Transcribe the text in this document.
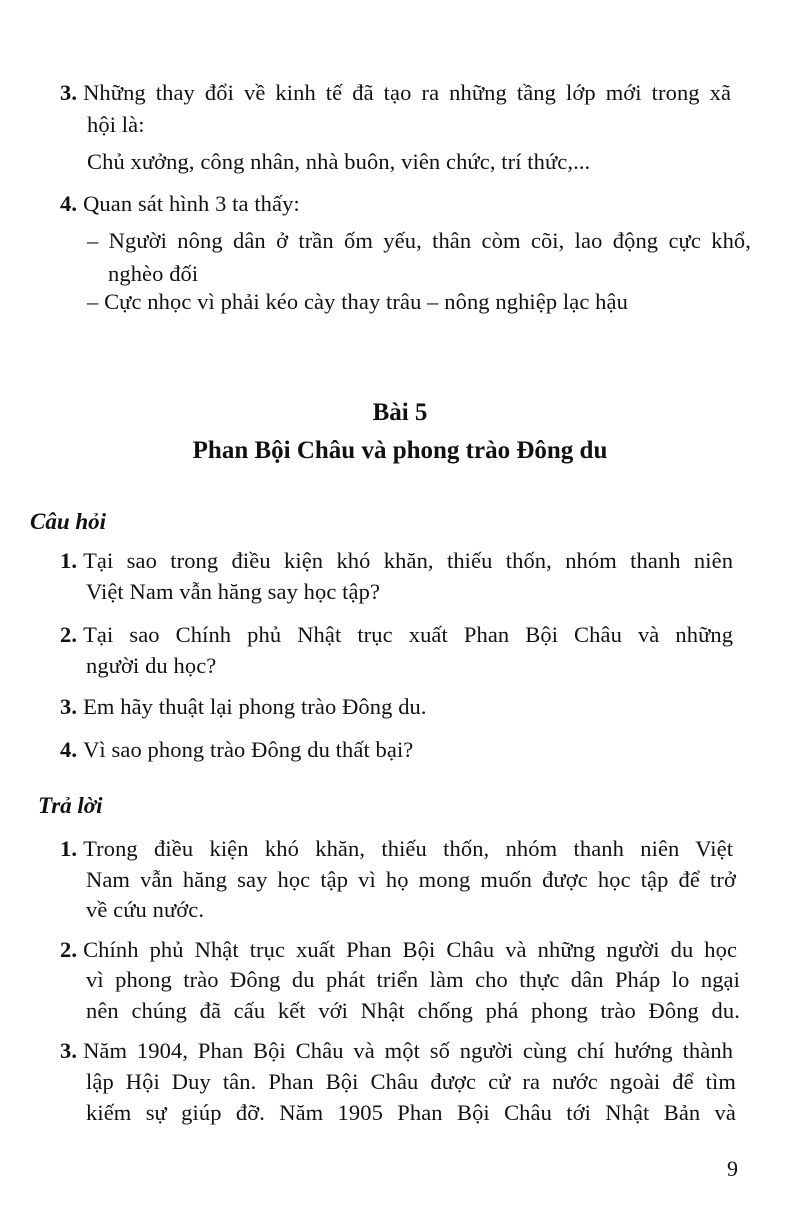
3. Những thay đổi về kinh tế đã tạo ra những tầng lớp mới trong xã
hội là:
Chủ xưởng, công nhân, nhà buôn, viên chức, trí thức,...
4. Quan sát hình 3 ta thấy:
– Người nông dân ở trần ốm yếu, thân còm cõi, lao động cực khổ,
nghèo đối
– Cực nhọc vì phải kéo cày thay trâu – nông nghiệp lạc hậu
Bài 5
Phan Bội Châu và phong trào Đông du
Câu hỏi
1. Tại sao trong điều kiện khó khăn, thiếu thốn, nhóm thanh niên
Việt Nam vẫn hăng say học tập?
2. Tại sao Chính phủ Nhật trục xuất Phan Bội Châu và những
người du học?
3. Em hãy thuật lại phong trào Đông du.
4. Vì sao phong trào Đông du thất bại?
Trả lời
1. Trong điều kiện khó khăn, thiếu thốn, nhóm thanh niên Việt
Nam vẫn hăng say học tập vì họ mong muốn được học tập để trở
về cứu nước.
2. Chính phủ Nhật trục xuất Phan Bội Châu và những người du học
vì phong trào Đông du phát triển làm cho thực dân Pháp lo ngại
nên chúng đã cấu kết với Nhật chống phá phong trào Đông du.
3. Năm 1904, Phan Bội Châu và một số người cùng chí hướng thành
lập Hội Duy tân. Phan Bội Châu được cử ra nước ngoài để tìm
kiếm sự giúp đỡ. Năm 1905 Phan Bội Châu tới Nhật Bản và
9
